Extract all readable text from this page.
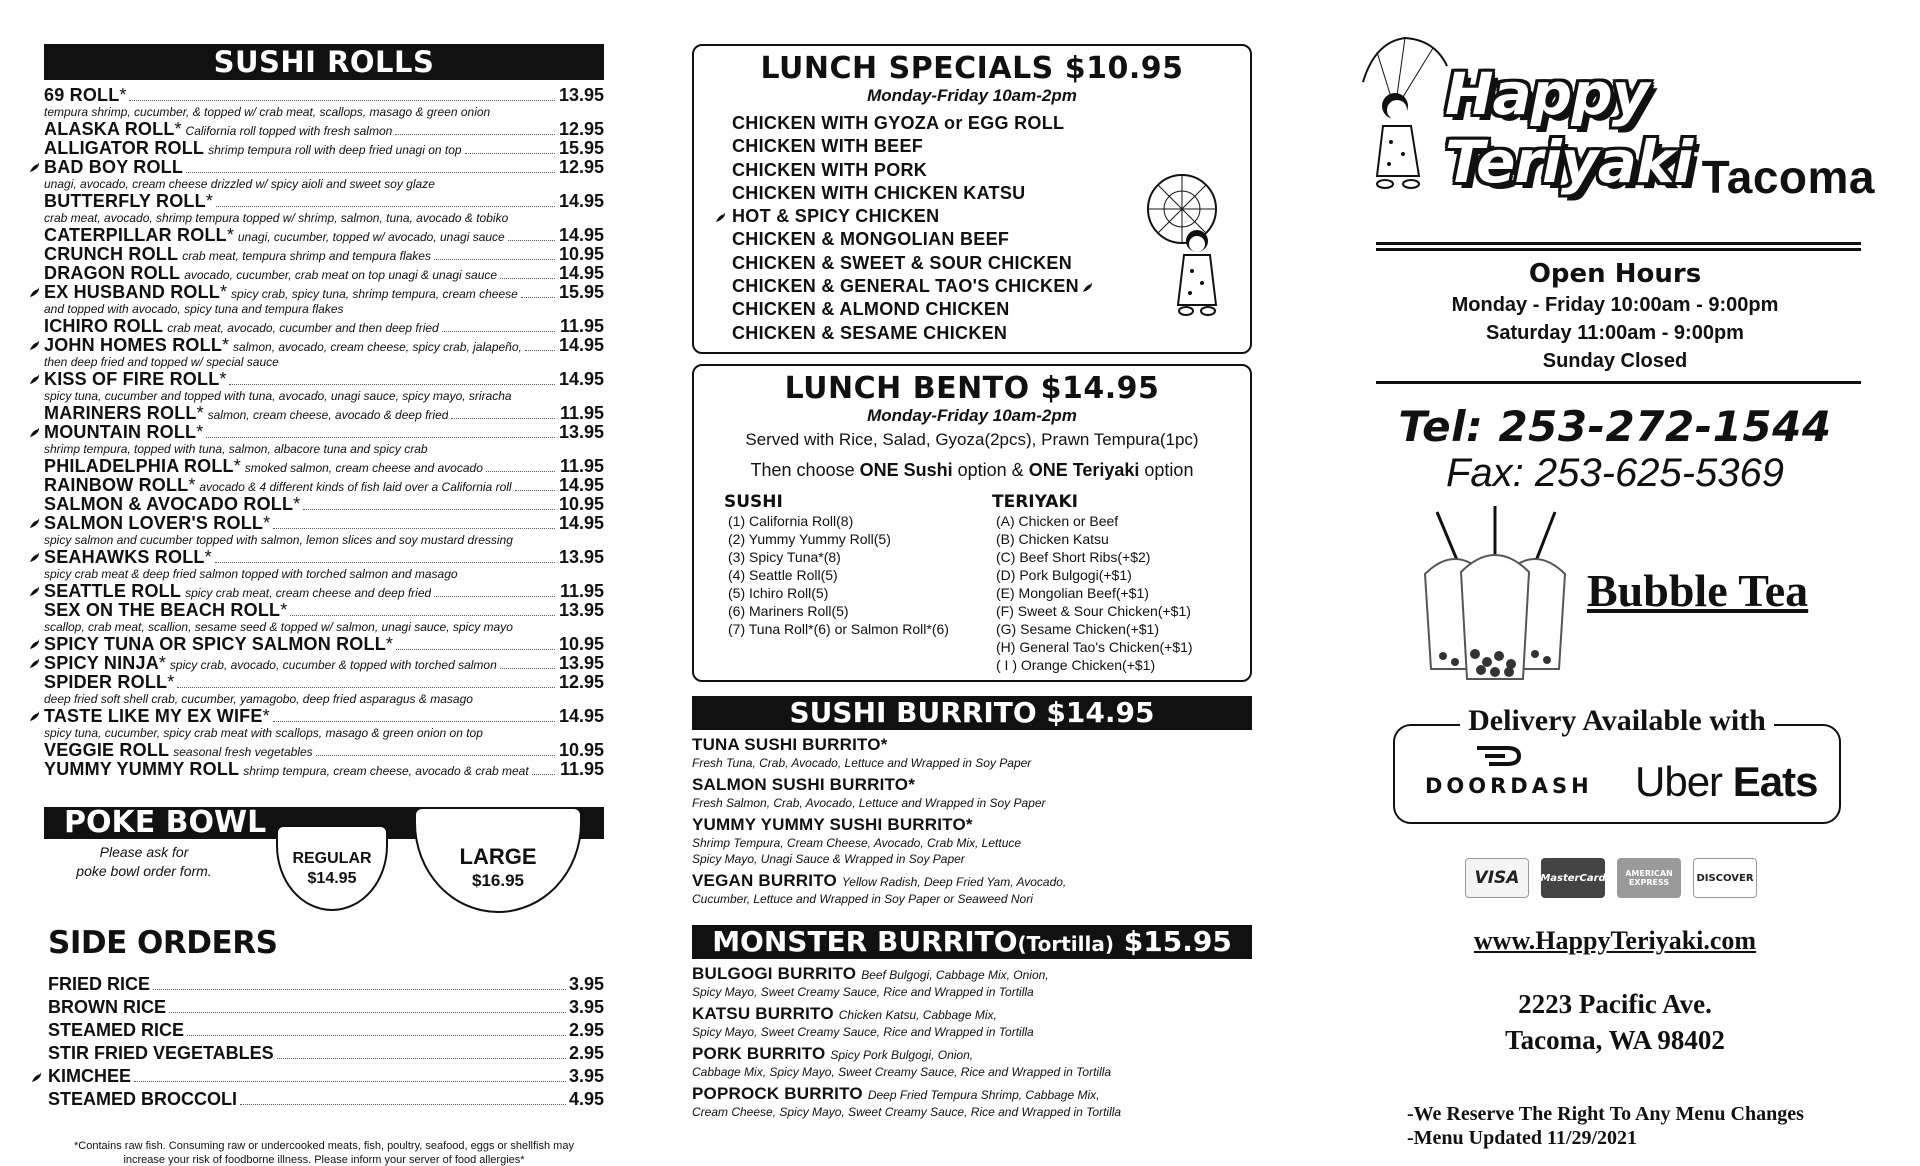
SUSHI ROLLS
69 ROLL *	13.95
tempura shrimp, cucumber, & topped w/ crab meat, scallops, masago & green onion
ALASKA ROLL * California roll topped with fresh salmon	12.95
ALLIGATOR ROLL shrimp tempura roll with deep fried unagi on top	15.95
BAD BOY ROLL	12.95
unagi, avocado, cream cheese drizzled w/ spicy aioli and sweet soy glaze
BUTTERFLY ROLL *	14.95
crab meat, avocado, shrimp tempura topped w/ shrimp, salmon, tuna, avocado & tobiko
CATERPILLAR ROLL * unagi, cucumber, topped w/ avocado, unagi sauce	14.95
CRUNCH ROLL crab meat, tempura shrimp and tempura flakes	10.95
DRAGON ROLL avocado, cucumber, crab meat on top unagi & unagi sauce	14.95
EX HUSBAND ROLL * spicy crab, spicy tuna, shrimp tempura, cream cheese 15.95
and topped with avocado, spicy tuna and tempura flakes
ICHIRO ROLL crab meat, avocado, cucumber and then deep fried	11.95
JOHN HOMES ROLL * salmon, avocado, cream cheese, spicy crab, jalapeño, 14.95
then deep fried and topped w/ special sauce
KISS OF FIRE ROLL *	14.95
spicy tuna, cucumber and topped with tuna, avocado, unagi sauce, spicy mayo, sriracha
MARINERS ROLL * salmon, cream cheese, avocado & deep fried	11.95
MOUNTAIN ROLL *	13.95
shrimp tempura, topped with tuna, salmon, albacore tuna and spicy crab
PHILADELPHIA ROLL * smoked salmon, cream cheese and avocado	11.95
RAINBOW ROLL * avocado & 4 different kinds of fish laid over a California roll	14.95
SALMON & AVOCADO ROLL *	10.95
SALMON LOVER'S ROLL *	14.95
spicy salmon and cucumber topped with salmon, lemon slices and soy mustard dressing
SEAHAWKS ROLL *	13.95
spicy crab meat & deep fried salmon topped with torched salmon and masago
SEATTLE ROLL spicy crab meat, cream cheese and deep fried	11.95
SEX ON THE BEACH ROLL *	13.95
scallop, crab meat, scallion, sesame seed & topped w/ salmon, unagi sauce, spicy mayo
SPICY TUNA OR SPICY SALMON ROLL *	10.95
SPICY NINJA * spicy crab, avocado, cucumber & topped with torched salmon	13.95
SPIDER ROLL *	12.95
deep fried soft shell crab, cucumber, yamagobo, deep fried asparagus & masago
TASTE LIKE MY EX WIFE *	14.95
spicy tuna, cucumber, spicy crab meat with scallops, masago & green onion on top
VEGGIE ROLL seasonal fresh vegetables	10.95
YUMMY YUMMY ROLL shrimp tempura, cream cheese, avocado & crab meat 11.95
POKE BOWL
Please ask for
poke bowl order form.
REGULAR
$14.95
LARGE
$16.95
SIDE ORDERS
FRIED RICE	3.95
BROWN RICE	3.95
STEAMED RICE	2.95
STIR FRIED VEGETABLES	2.95
KIMCHEE	3.95
STEAMED BROCCOLI	4.95
*Contains raw fish. Consuming raw or undercooked meats, fish, poultry, seafood, eggs or shellfish may
increase your risk of foodborne illness. Please inform your server of food allergies*
LUNCH SPECIALS $10.95
Monday-Friday 10am-2pm
CHICKEN WITH GYOZA or EGG ROLL
CHICKEN WITH BEEF
CHICKEN WITH PORK
CHICKEN WITH CHICKEN KATSU
HOT & SPICY CHICKEN
CHICKEN & MONGOLIAN BEEF
CHICKEN & SWEET & SOUR CHICKEN
CHICKEN & GENERAL TAO'S CHICKEN
CHICKEN & ALMOND CHICKEN
CHICKEN & SESAME CHICKEN
LUNCH BENTO $14.95
Monday-Friday 10am-2pm
Served with Rice, Salad, Gyoza(2pcs), Prawn Tempura(1pc)
Then choose ONE Sushi option & ONE Teriyaki option
SUSHI
(1) California Roll(8)
(2) Yummy Yummy Roll(5)
(3) Spicy Tuna*(8)
(4) Seattle Roll(5)
(5) Ichiro Roll(5)
(6) Mariners Roll(5)
(7) Tuna Roll*(6) or Salmon Roll*(6)
TERIYAKI
(A) Chicken or Beef
(B) Chicken Katsu
(C) Beef Short Ribs(+$2)
(D) Pork Bulgogi(+$1)
(E) Mongolian Beef(+$1)
(F) Sweet & Sour Chicken(+$1)
(G) Sesame Chicken(+$1)
(H) General Tao's Chicken(+$1)
( I ) Orange Chicken(+$1)
SUSHI BURRITO $14.95
TUNA SUSHI BURRITO*
Fresh Tuna, Crab, Avocado, Lettuce and Wrapped in Soy Paper
SALMON SUSHI BURRITO*
Fresh Salmon, Crab, Avocado, Lettuce and Wrapped in Soy Paper
YUMMY YUMMY SUSHI BURRITO*
Shrimp Tempura, Cream Cheese, Avocado, Crab Mix, Lettuce
Spicy Mayo, Unagi Sauce & Wrapped in Soy Paper
VEGAN BURRITO Yellow Radish, Deep Fried Yam, Avocado,
Cucumber, Lettuce and Wrapped in Soy Paper or Seaweed Nori
MONSTER BURRITO(Tortilla) $15.95
BULGOGI BURRITO Beef Bulgogi, Cabbage Mix, Onion,
Spicy Mayo, Sweet Creamy Sauce, Rice and Wrapped in Tortilla
KATSU BURRITO Chicken Katsu, Cabbage Mix,
Spicy Mayo, Sweet Creamy Sauce, Rice and Wrapped in Tortilla
PORK BURRITO Spicy Pork Bulgogi, Onion,
Cabbage Mix, Spicy Mayo, Sweet Creamy Sauce, Rice and Wrapped in Tortilla
POPROCK BURRITO Deep Fried Tempura Shrimp, Cabbage Mix,
Cream Cheese, Spicy Mayo, Sweet Creamy Sauce, Rice and Wrapped in Tortilla
Happy Teriyaki Tacoma
Open Hours
Monday - Friday 10:00am - 9:00pm
Saturday 11:00am - 9:00pm
Sunday Closed
Tel: 253-272-1544
Fax: 253-625-5369
Bubble Tea
Delivery Available with
DOORDASH Uber Eats
VISA	MasterCard	AMERICAN EXPRESS	DISCOVER
www.HappyTeriyaki.com
2223 Pacific Ave.
Tacoma, WA 98402
-We Reserve The Right To Any Menu Changes
-Menu Updated 11/29/2021
